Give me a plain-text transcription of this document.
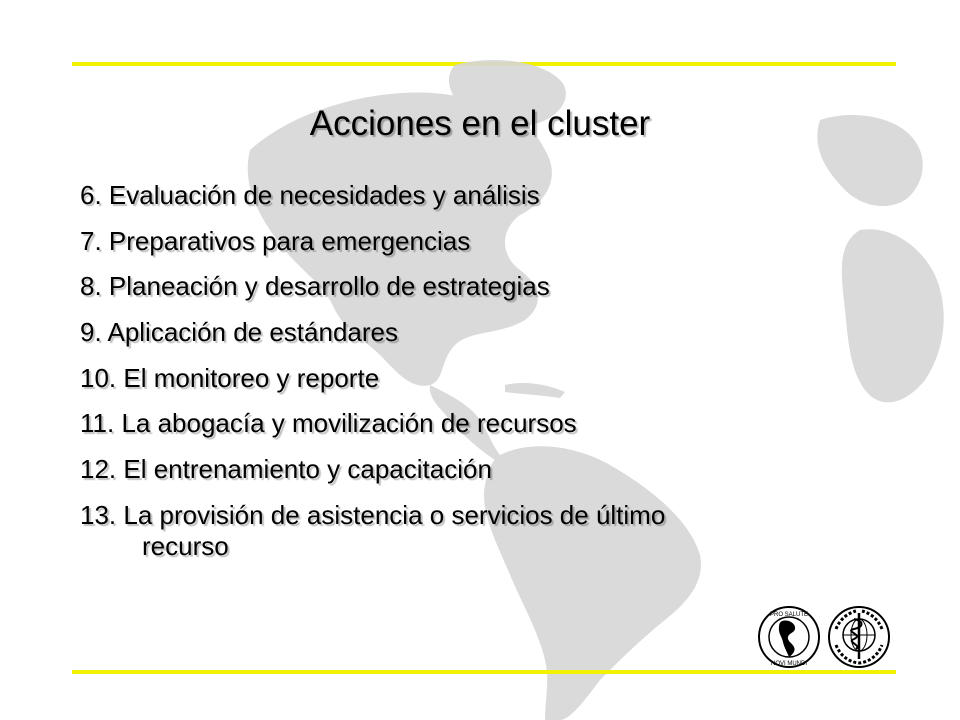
Acciones en el cluster
6. Evaluación de necesidades y análisis
7. Preparativos para emergencias
8. Planeación y desarrollo de estrategias
9. Aplicación de estándares
10. El monitoreo y reporte
11. La abogacía y movilización de recursos
12. El entrenamiento y capacitación
13. La provisión de asistencia o servicios de último
recurso
PRO SALUTE
NOVI MUNDI
